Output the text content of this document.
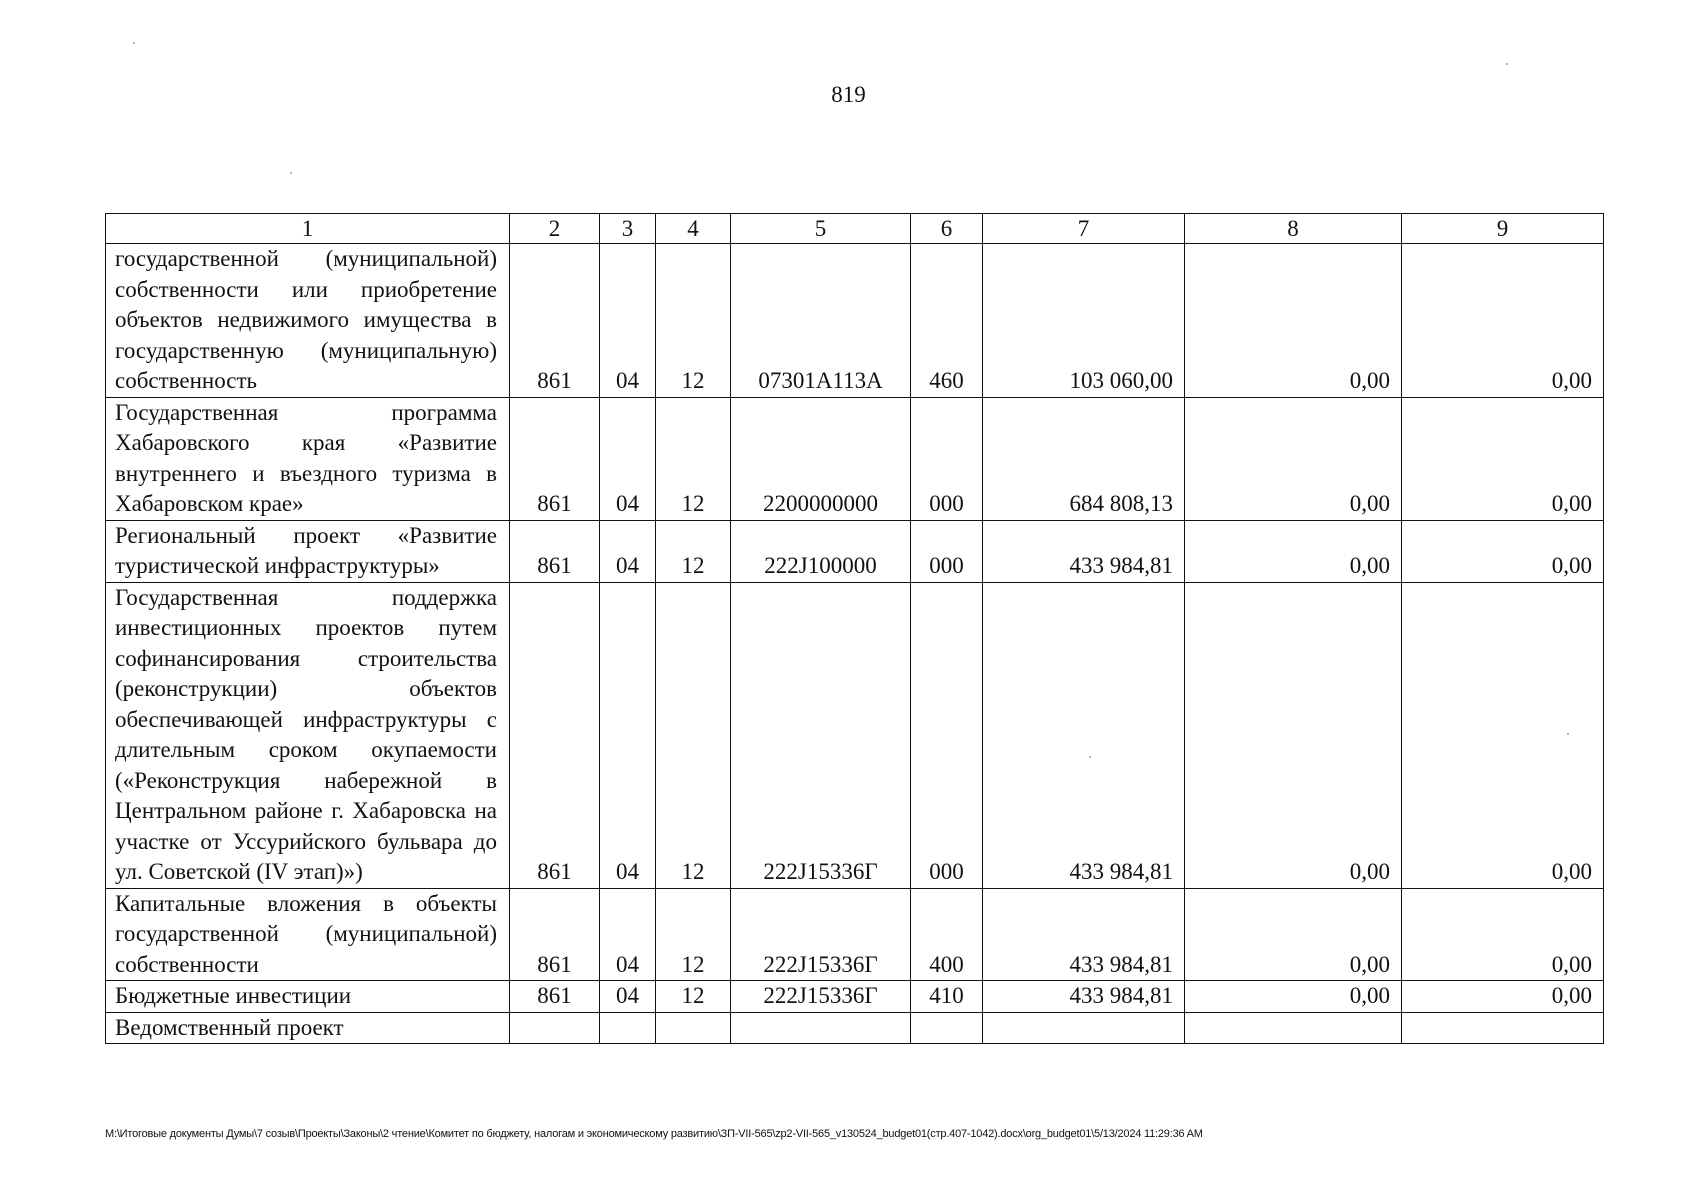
819
1	2	3	4	5	6	7	8	9
государственной (муниципальной) собственности или приобретение объектов недвижимого имущества в государственную (муниципальную) собственность	861	04	12	07301А113А	460	103 060,00	0,00	0,00
Государственная программа Хабаровского края «Развитие внутреннего и въездного туризма в Хабаровском крае»	861	04	12	2200000000	000	684 808,13	0,00	0,00
Региональный проект «Развитие туристической инфраструктуры»	861	04	12	222J100000	000	433 984,81	0,00	0,00
Государственная поддержка инвестиционных проектов путем софинансирования строительства (реконструкции) объектов обеспечивающей инфраструктуры с длительным сроком окупаемости («Реконструкция набережной в Центральном районе г. Хабаровска на участке от Уссурийского бульвара до ул. Советской (IV этап)»)	861	04	12	222J15336Г	000	433 984,81	0,00	0,00
Капитальные вложения в объекты государственной (муниципальной) собственности	861	04	12	222J15336Г	400	433 984,81	0,00	0,00
Бюджетные инвестиции	861	04	12	222J15336Г	410	433 984,81	0,00	0,00
Ведомственный проект								
М:\Итоговые документы Думы\7 созыв\Проекты\Законы\2 чтение\Комитет по бюджету, налогам и экономическому развитию\ЗП-VII-565\zp2-VII-565_v130524_budget01(стр.407-1042).docx\org_budget01\5/13/2024 11:29:36 AM
